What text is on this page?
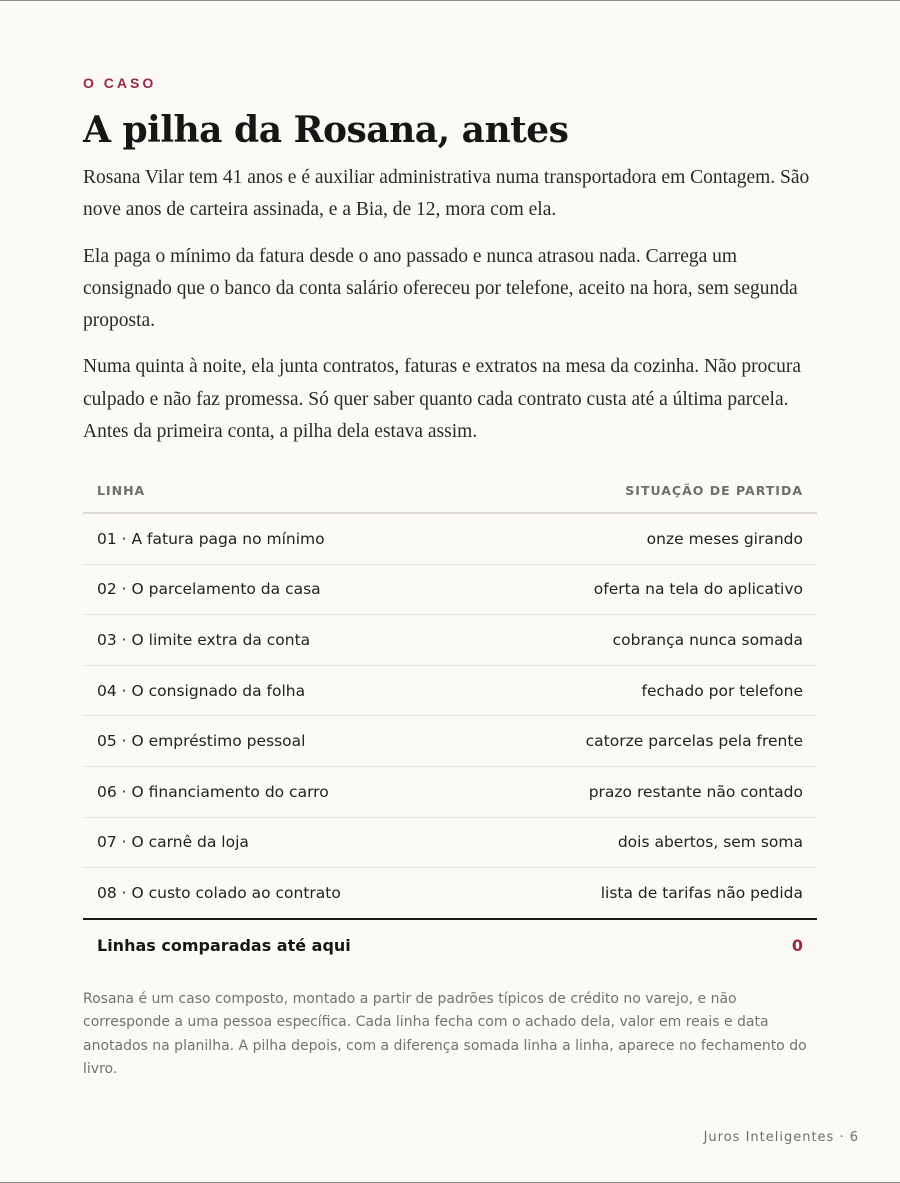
O CASO
A pilha da Rosana, antes

Rosana Vilar tem 41 anos e é auxiliar administrativa numa transportadora em Contagem. São nove anos de carteira assinada, e a Bia, de 12, mora com ela.

Ela paga o mínimo da fatura desde o ano passado e nunca atrasou nada. Carrega um consignado que o banco da conta salário ofereceu por telefone, aceito na hora, sem segunda proposta.

Numa quinta à noite, ela junta contratos, faturas e extratos na mesa da cozinha. Não procura culpado e não faz promessa. Só quer saber quanto cada contrato custa até a última parcela. Antes da primeira conta, a pilha dela estava assim.

LINHA	SITUAÇÃO DE PARTIDA
01 · A fatura paga no mínimo	onze meses girando
02 · O parcelamento da casa	oferta na tela do aplicativo
03 · O limite extra da conta	cobrança nunca somada
04 · O consignado da folha	fechado por telefone
05 · O empréstimo pessoal	catorze parcelas pela frente
06 · O financiamento do carro	prazo restante não contado
07 · O carnê da loja	dois abertos, sem soma
08 · O custo colado ao contrato	lista de tarifas não pedida
Linhas comparadas até aqui	0
Rosana é um caso composto, montado a partir de padrões típicos de crédito no varejo, e não corresponde a uma pessoa específica. Cada linha fecha com o achado dela, valor em reais e data anotados na planilha. A pilha depois, com a diferença somada linha a linha, aparece no fechamento do livro.
Juros Inteligentes · 6
